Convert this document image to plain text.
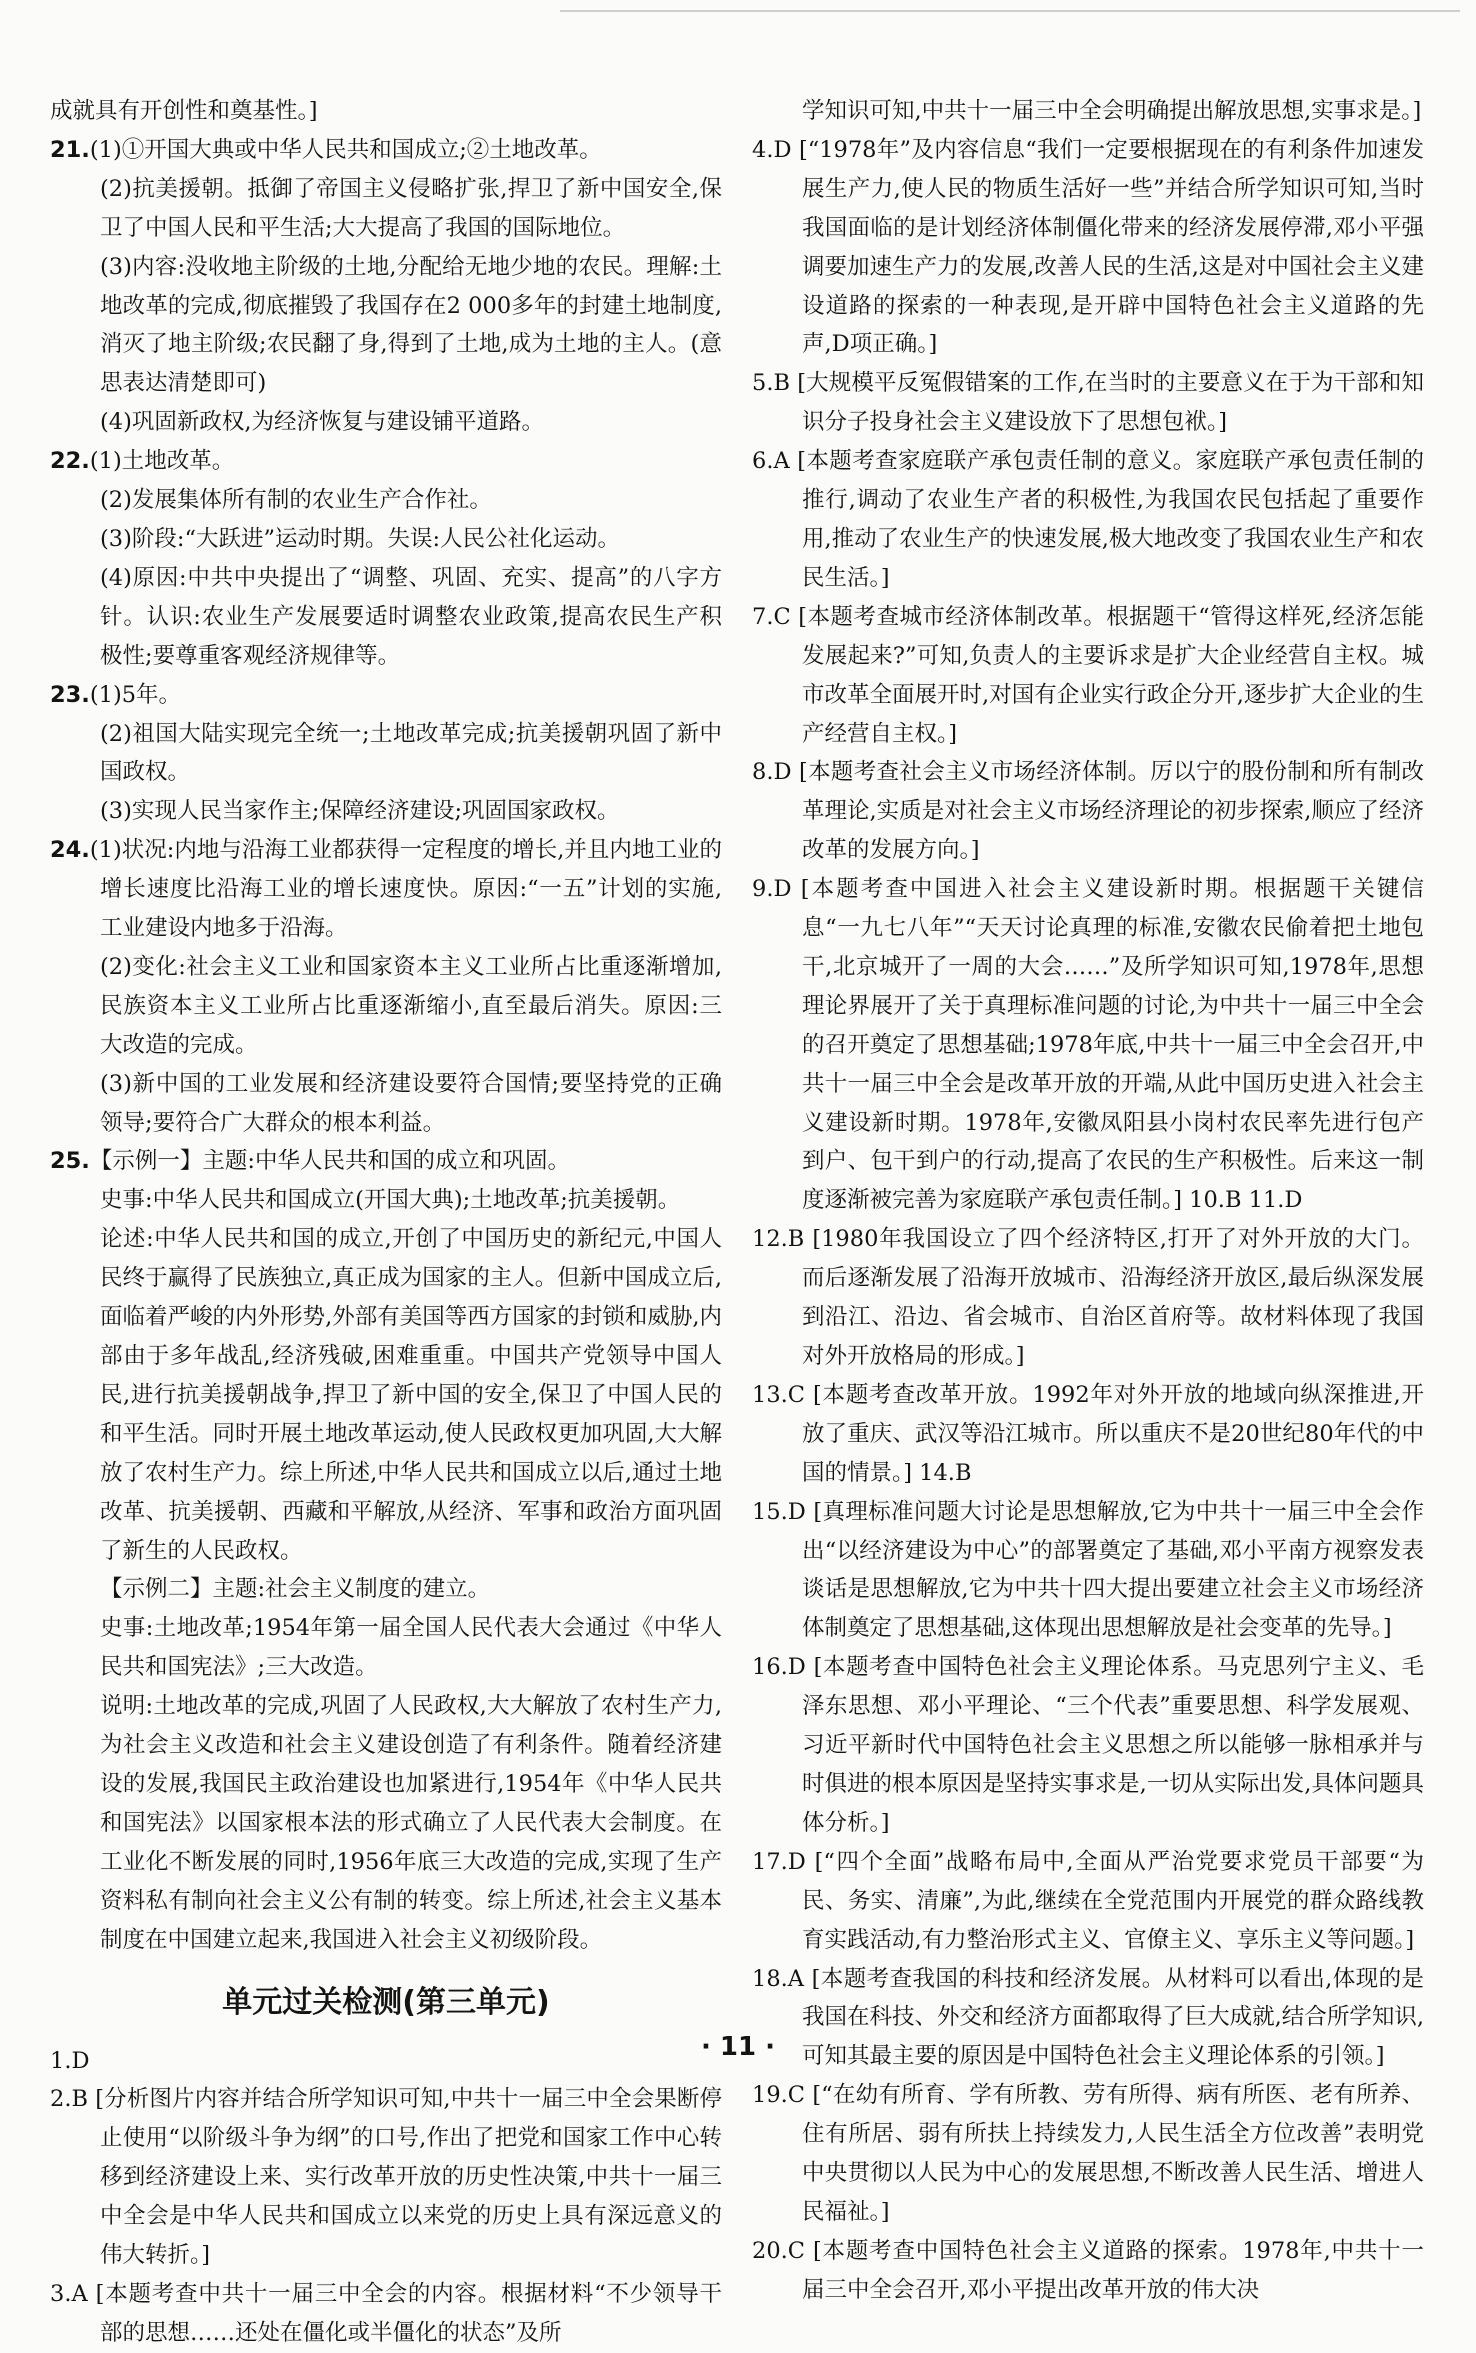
成就具有开创性和奠基性。]

21.(1)①开国大典或中华人民共和国成立;②土地改革。

(2)抗美援朝。抵御了帝国主义侵略扩张,捍卫了新中国安全,保卫了中国人民和平生活;大大提高了我国的国际地位。

(3)内容:没收地主阶级的土地,分配给无地少地的农民。理解:土地改革的完成,彻底摧毁了我国存在2 000多年的封建土地制度,消灭了地主阶级;农民翻了身,得到了土地,成为土地的主人。(意思表达清楚即可)

(4)巩固新政权,为经济恢复与建设铺平道路。

22.(1)土地改革。

(2)发展集体所有制的农业生产合作社。

(3)阶段:“大跃进”运动时期。失误:人民公社化运动。

(4)原因:中共中央提出了“调整、巩固、充实、提高”的八字方针。认识:农业生产发展要适时调整农业政策,提高农民生产积极性;要尊重客观经济规律等。

23.(1)5年。

(2)祖国大陆实现完全统一;土地改革完成;抗美援朝巩固了新中国政权。

(3)实现人民当家作主;保障经济建设;巩固国家政权。

24.(1)状况:内地与沿海工业都获得一定程度的增长,并且内地工业的增长速度比沿海工业的增长速度快。原因:“一五”计划的实施,工业建设内地多于沿海。

(2)变化:社会主义工业和国家资本主义工业所占比重逐渐增加,民族资本主义工业所占比重逐渐缩小,直至最后消失。原因:三大改造的完成。

(3)新中国的工业发展和经济建设要符合国情;要坚持党的正确领导;要符合广大群众的根本利益。

25.【示例一】主题:中华人民共和国的成立和巩固。

史事:中华人民共和国成立(开国大典);土地改革;抗美援朝。

论述:中华人民共和国的成立,开创了中国历史的新纪元,中国人民终于赢得了民族独立,真正成为国家的主人。但新中国成立后,面临着严峻的内外形势,外部有美国等西方国家的封锁和威胁,内部由于多年战乱,经济残破,困难重重。中国共产党领导中国人民,进行抗美援朝战争,捍卫了新中国的安全,保卫了中国人民的和平生活。同时开展土地改革运动,使人民政权更加巩固,大大解放了农村生产力。综上所述,中华人民共和国成立以后,通过土地改革、抗美援朝、西藏和平解放,从经济、军事和政治方面巩固了新生的人民政权。

【示例二】主题:社会主义制度的建立。

史事:土地改革;1954年第一届全国人民代表大会通过《中华人民共和国宪法》;三大改造。

说明:土地改革的完成,巩固了人民政权,大大解放了农村生产力,为社会主义改造和社会主义建设创造了有利条件。随着经济建设的发展,我国民主政治建设也加紧进行,1954年《中华人民共和国宪法》以国家根本法的形式确立了人民代表大会制度。在工业化不断发展的同时,1956年底三大改造的完成,实现了生产资料私有制向社会主义公有制的转变。综上所述,社会主义基本制度在中国建立起来,我国进入社会主义初级阶段。

单元过关检测(第三单元)

1.D

2.B [分析图片内容并结合所学知识可知,中共十一届三中全会果断停止使用“以阶级斗争为纲”的口号,作出了把党和国家工作中心转移到经济建设上来、实行改革开放的历史性决策,中共十一届三中全会是中华人民共和国成立以来党的历史上具有深远意义的伟大转折。]

3.A [本题考查中共十一届三中全会的内容。根据材料“不少领导干部的思想……还处在僵化或半僵化的状态”及所

学知识可知,中共十一届三中全会明确提出解放思想,实事求是。]

4.D [“1978年”及内容信息“我们一定要根据现在的有利条件加速发展生产力,使人民的物质生活好一些”并结合所学知识可知,当时我国面临的是计划经济体制僵化带来的经济发展停滞,邓小平强调要加速生产力的发展,改善人民的生活,这是对中国社会主义建设道路的探索的一种表现,是开辟中国特色社会主义道路的先声,D项正确。]

5.B [大规模平反冤假错案的工作,在当时的主要意义在于为干部和知识分子投身社会主义建设放下了思想包袱。]

6.A [本题考查家庭联产承包责任制的意义。家庭联产承包责任制的推行,调动了农业生产者的积极性,为我国农民包括起了重要作用,推动了农业生产的快速发展,极大地改变了我国农业生产和农民生活。]

7.C [本题考查城市经济体制改革。根据题干“管得这样死,经济怎能发展起来?”可知,负责人的主要诉求是扩大企业经营自主权。城市改革全面展开时,对国有企业实行政企分开,逐步扩大企业的生产经营自主权。]

8.D [本题考查社会主义市场经济体制。厉以宁的股份制和所有制改革理论,实质是对社会主义市场经济理论的初步探索,顺应了经济改革的发展方向。]

9.D [本题考查中国进入社会主义建设新时期。根据题干关键信息“一九七八年”“天天讨论真理的标准,安徽农民偷着把土地包干,北京城开了一周的大会……”及所学知识可知,1978年,思想理论界展开了关于真理标准问题的讨论,为中共十一届三中全会的召开奠定了思想基础;1978年底,中共十一届三中全会召开,中共十一届三中全会是改革开放的开端,从此中国历史进入社会主义建设新时期。1978年,安徽凤阳县小岗村农民率先进行包产到户、包干到户的行动,提高了农民的生产积极性。后来这一制度逐渐被完善为家庭联产承包责任制。] 10.B 11.D

12.B [1980年我国设立了四个经济特区,打开了对外开放的大门。而后逐渐发展了沿海开放城市、沿海经济开放区,最后纵深发展到沿江、沿边、省会城市、自治区首府等。故材料体现了我国对外开放格局的形成。]

13.C [本题考查改革开放。1992年对外开放的地域向纵深推进,开放了重庆、武汉等沿江城市。所以重庆不是20世纪80年代的中国的情景。] 14.B

15.D [真理标准问题大讨论是思想解放,它为中共十一届三中全会作出“以经济建设为中心”的部署奠定了基础,邓小平南方视察发表谈话是思想解放,它为中共十四大提出要建立社会主义市场经济体制奠定了思想基础,这体现出思想解放是社会变革的先导。]

16.D [本题考查中国特色社会主义理论体系。马克思列宁主义、毛泽东思想、邓小平理论、“三个代表”重要思想、科学发展观、习近平新时代中国特色社会主义思想之所以能够一脉相承并与时俱进的根本原因是坚持实事求是,一切从实际出发,具体问题具体分析。]

17.D [“四个全面”战略布局中,全面从严治党要求党员干部要“为民、务实、清廉”,为此,继续在全党范围内开展党的群众路线教育实践活动,有力整治形式主义、官僚主义、享乐主义等问题。]

18.A [本题考查我国的科技和经济发展。从材料可以看出,体现的是我国在科技、外交和经济方面都取得了巨大成就,结合所学知识,可知其最主要的原因是中国特色社会主义理论体系的引领。]

19.C [“在幼有所育、学有所教、劳有所得、病有所医、老有所养、住有所居、弱有所扶上持续发力,人民生活全方位改善”表明党中央贯彻以人民为中心的发展思想,不断改善人民生活、增进人民福祉。]

20.C [本题考查中国特色社会主义道路的探索。1978年,中共十一届三中全会召开,邓小平提出改革开放的伟大决

· 11 ·
